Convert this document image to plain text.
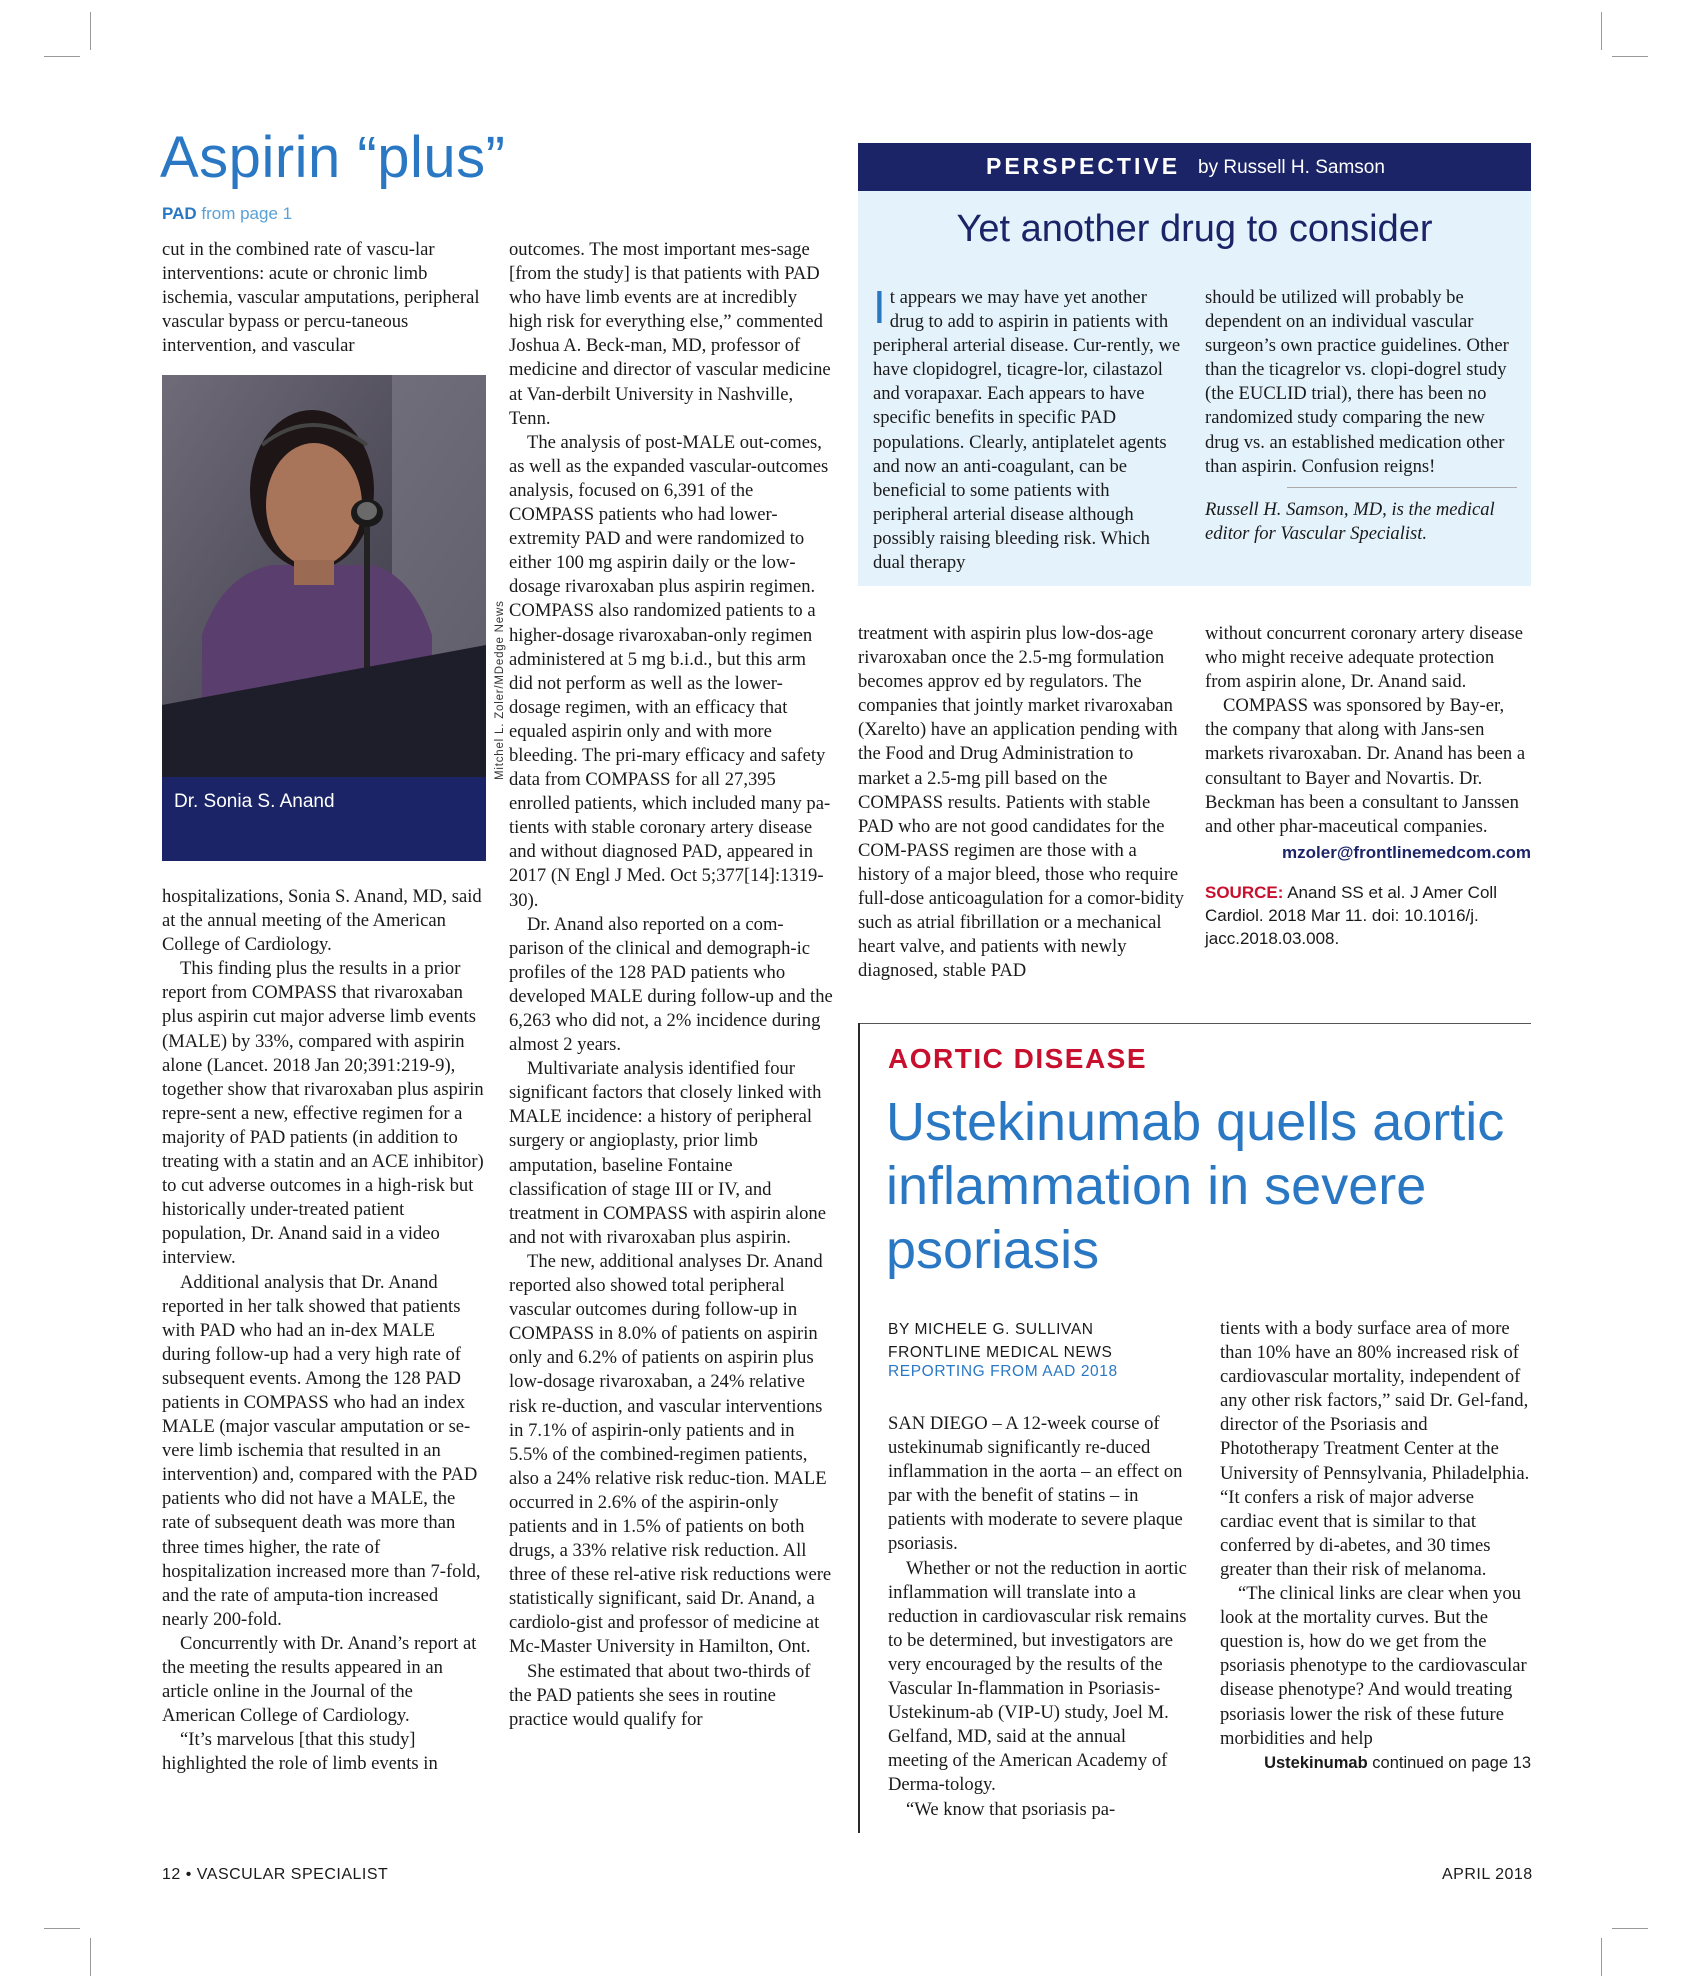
Aspirin “plus”
PAD from page 1

cut in the combined rate of vascu-lar interventions: acute or chronic limb ischemia, vascular amputations, peripheral vascular bypass or percu-taneous intervention, and vascular

Dr. Sonia S. Anand
Mitchel L. Zoler/MDedge News

hospitalizations, Sonia S. Anand, MD, said at the annual meeting of the American College of Cardiology.

This finding plus the results in a prior report from COMPASS that rivaroxaban plus aspirin cut major adverse limb events (MALE) by 33%, compared with aspirin alone (Lancet. 2018 Jan 20;391:219-9), together show that rivaroxaban plus aspirin repre-sent a new, effective regimen for a majority of PAD patients (in addition to treating with a statin and an ACE inhibitor) to cut adverse outcomes in a high-risk but historically under-treated patient population, Dr. Anand said in a video interview.

Additional analysis that Dr. Anand reported in her talk showed that patients with PAD who had an in-dex MALE during follow-up had a very high rate of subsequent events. Among the 128 PAD patients in COMPASS who had an index MALE (major vascular amputation or se-vere limb ischemia that resulted in an intervention) and, compared with the PAD patients who did not have a MALE, the rate of subsequent death was more than three times higher, the rate of hospitalization increased more than 7-fold, and the rate of amputa-tion increased nearly 200-fold.

Concurrently with Dr. Anand’s report at the meeting the results appeared in an article online in the Journal of the American College of Cardiology.

“It’s marvelous [that this study] highlighted the role of limb events in

outcomes. The most important mes-sage [from the study] is that patients with PAD who have limb events are at incredibly high risk for everything else,” commented Joshua A. Beck-man, MD, professor of medicine and director of vascular medicine at Van-derbilt University in Nashville, Tenn.

The analysis of post-MALE out-comes, as well as the expanded vascular-outcomes analysis, focused on 6,391 of the COMPASS patients who had lower-extremity PAD and were randomized to either 100 mg aspirin daily or the low-dosage rivaroxaban plus aspirin regimen. COMPASS also randomized patients to a higher-dosage rivaroxaban-only regimen administered at 5 mg b.i.d., but this arm did not perform as well as the lower-dosage regimen, with an efficacy that equaled aspirin only and with more bleeding. The pri-mary efficacy and safety data from COMPASS for all 27,395 enrolled patients, which included many pa-tients with stable coronary artery disease and without diagnosed PAD, appeared in 2017 (N Engl J Med. Oct 5;377[14]:1319-30).

Dr. Anand also reported on a com-parison of the clinical and demograph-ic profiles of the 128 PAD patients who developed MALE during follow-up and the 6,263 who did not, a 2% incidence during almost 2 years.

Multivariate analysis identified four significant factors that closely linked with MALE incidence: a history of peripheral surgery or angioplasty, prior limb amputation, baseline Fontaine classification of stage III or IV, and treatment in COMPASS with aspirin alone and not with rivaroxaban plus aspirin.

The new, additional analyses Dr. Anand reported also showed total peripheral vascular outcomes during follow-up in COMPASS in 8.0% of patients on aspirin only and 6.2% of patients on aspirin plus low-dosage rivaroxaban, a 24% relative risk re-duction, and vascular interventions in 7.1% of aspirin-only patients and in 5.5% of the combined-regimen patients, also a 24% relative risk reduc-tion. MALE occurred in 2.6% of the aspirin-only patients and in 1.5% of patients on both drugs, a 33% relative risk reduction. All three of these rel-ative risk reductions were statistically significant, said Dr. Anand, a cardiolo-gist and professor of medicine at Mc-Master University in Hamilton, Ont.

She estimated that about two-thirds of the PAD patients she sees in routine practice would qualify for

PERSPECTIVE by Russell H. Samson
Yet another drug to consider
I t appears we may have yet another drug to add to aspirin in patients with peripheral arterial disease. Cur-rently, we have clopidogrel, ticagre-lor, cilastazol and vorapaxar. Each appears to have specific benefits in specific PAD populations. Clearly, antiplatelet agents and now an anti-coagulant, can be beneficial to some patients with peripheral arterial disease although possibly raising bleeding risk. Which dual therapy

should be utilized will probably be dependent on an individual vascular surgeon’s own practice guidelines. Other than the ticagrelor vs. clopi-dogrel study (the EUCLID trial), there has been no randomized study comparing the new drug vs. an established medication other than aspirin. Confusion reigns!

Russell H. Samson, MD, is the medical editor for Vascular Specialist.

treatment with aspirin plus low-dos-age rivaroxaban once the 2.5-mg formulation becomes approv ed by regulators. The companies that jointly market rivaroxaban (Xarelto) have an application pending with the Food and Drug Administration to market a 2.5-mg pill based on the COMPASS results. Patients with stable PAD who are not good candidates for the COM-PASS regimen are those with a history of a major bleed, those who require full-dose anticoagulation for a comor-bidity such as atrial fibrillation or a mechanical heart valve, and patients with newly diagnosed, stable PAD

without concurrent coronary artery disease who might receive adequate protection from aspirin alone, Dr. Anand said.

COMPASS was sponsored by Bay-er, the company that along with Jans-sen markets rivaroxaban. Dr. Anand has been a consultant to Bayer and Novartis. Dr. Beckman has been a consultant to Janssen and other phar-maceutical companies.

mzoler@frontlinemedcom.com

SOURCE: Anand SS et al. J Amer Coll Cardiol. 2018 Mar 11. doi: 10.1016/j. jacc.2018.03.008.

AORTIC DISEASE
Ustekinumab quells aortic inflammation in severe psoriasis
BY MICHELE G. SULLIVAN
FRONTLINE MEDICAL NEWS
REPORTING FROM AAD 2018

SAN DIEGO – A 12-week course of ustekinumab significantly re-duced inflammation in the aorta – an effect on par with the benefit of statins – in patients with moderate to severe plaque psoriasis.

Whether or not the reduction in aortic inflammation will translate into a reduction in cardiovascular risk remains to be determined, but investigators are very encouraged by the results of the Vascular In-flammation in Psoriasis-Ustekinum-ab (VIP-U) study, Joel M. Gelfand, MD, said at the annual meeting of the American Academy of Derma-tology.

“We know that psoriasis pa-

tients with a body surface area of more than 10% have an 80% increased risk of cardiovascular mortality, independent of any other risk factors,” said Dr. Gel-fand, director of the Psoriasis and Phototherapy Treatment Center at the University of Pennsylvania, Philadelphia. “It confers a risk of major adverse cardiac event that is similar to that conferred by di-abetes, and 30 times greater than their risk of melanoma.

“The clinical links are clear when you look at the mortality curves. But the question is, how do we get from the psoriasis phenotype to the cardiovascular disease phenotype? And would treating psoriasis lower the risk of these future morbidities and help

Ustekinumab continued on page 13

12 • VASCULAR SPECIALIST	APRIL 2018
